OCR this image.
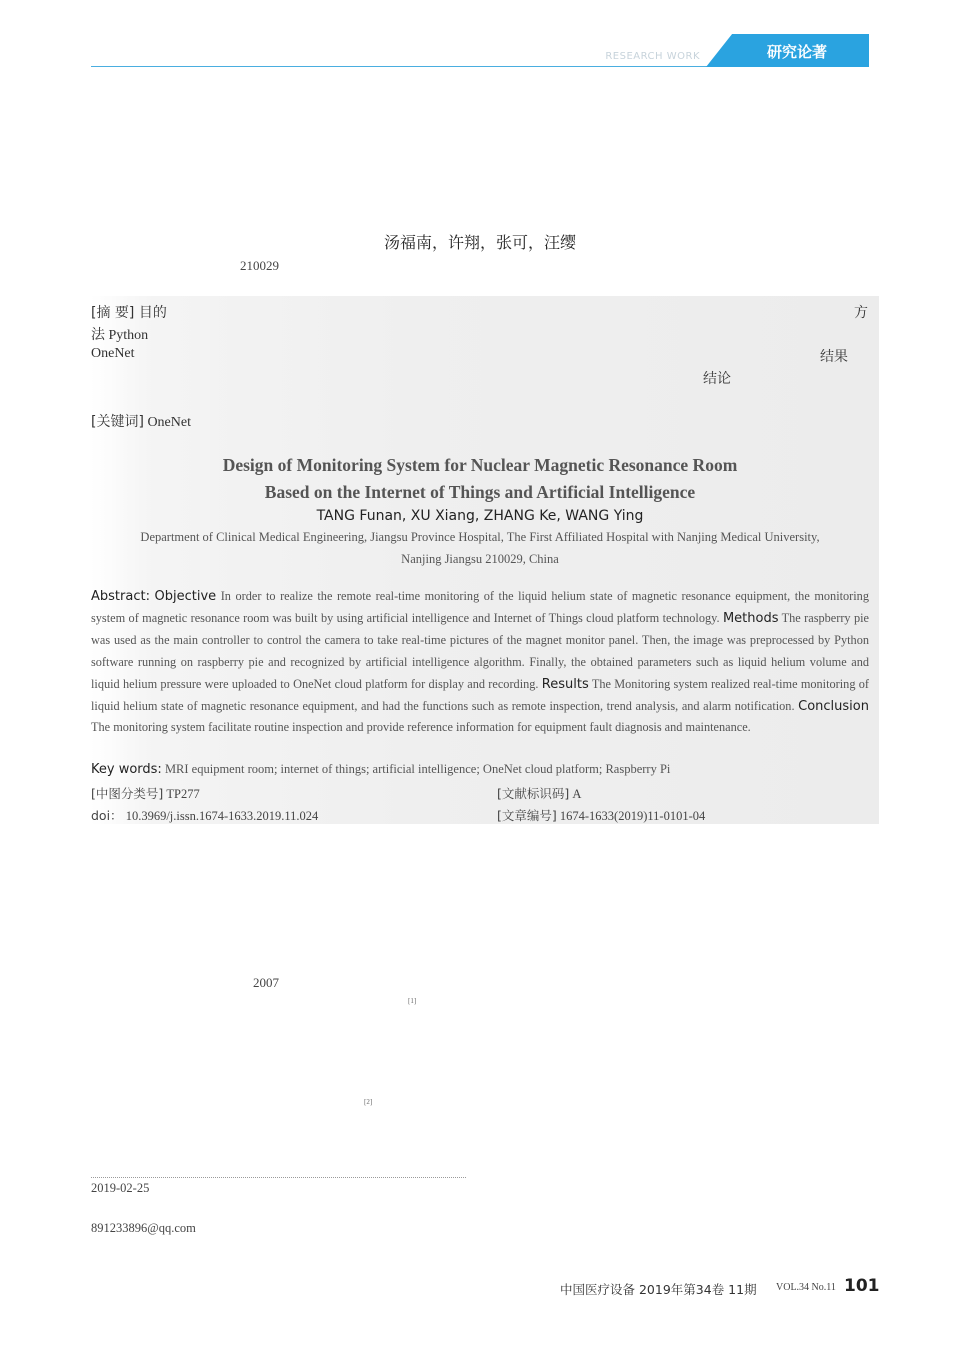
RESEARCH WORK	研究论著
汤福南，许翔，张可，汪缨
210029
[摘 要] 目的	方
法 Python
OneNet	结果
结论
[关键词] OneNet
Design of Monitoring System for Nuclear Magnetic Resonance Room
Based on the Internet of Things and Artificial Intelligence
TANG Funan, XU Xiang, ZHANG Ke, WANG Ying
Department of Clinical Medical Engineering, Jiangsu Province Hospital, The First Affiliated Hospital with Nanjing Medical University,
Nanjing Jiangsu 210029, China
Abstract: Objective In order to realize the remote real-time monitoring of the liquid helium state of magnetic resonance equipment, the monitoring system of magnetic resonance room was built by using artificial intelligence and Internet of Things cloud platform technology. Methods The raspberry pie was used as the main controller to control the camera to take real-time pictures of the magnet monitor panel. Then, the image was preprocessed by Python software running on raspberry pie and recognized by artificial intelligence algorithm. Finally, the obtained parameters such as liquid helium volume and liquid helium pressure were uploaded to OneNet cloud platform for display and recording. Results The Monitoring system realized real-time monitoring of liquid helium state of magnetic resonance equipment, and had the functions such as remote inspection, trend analysis, and alarm notification. Conclusion The monitoring system facilitate routine inspection and provide reference information for equipment fault diagnosis and maintenance.
Key words: MRI equipment room; internet of things; artificial intelligence; OneNet cloud platform; Raspberry Pi
[中图分类号] TP277	[文献标识码] A
doi： 10.3969/j.issn.1674-1633.2019.11.024	[文章编号] 1674-1633(2019)11-0101-04
2007
[1]
[2]
2019-02-25
891233896@qq.com
中国医疗设备 2019年第34卷 11期 VOL.34 No.11 101
